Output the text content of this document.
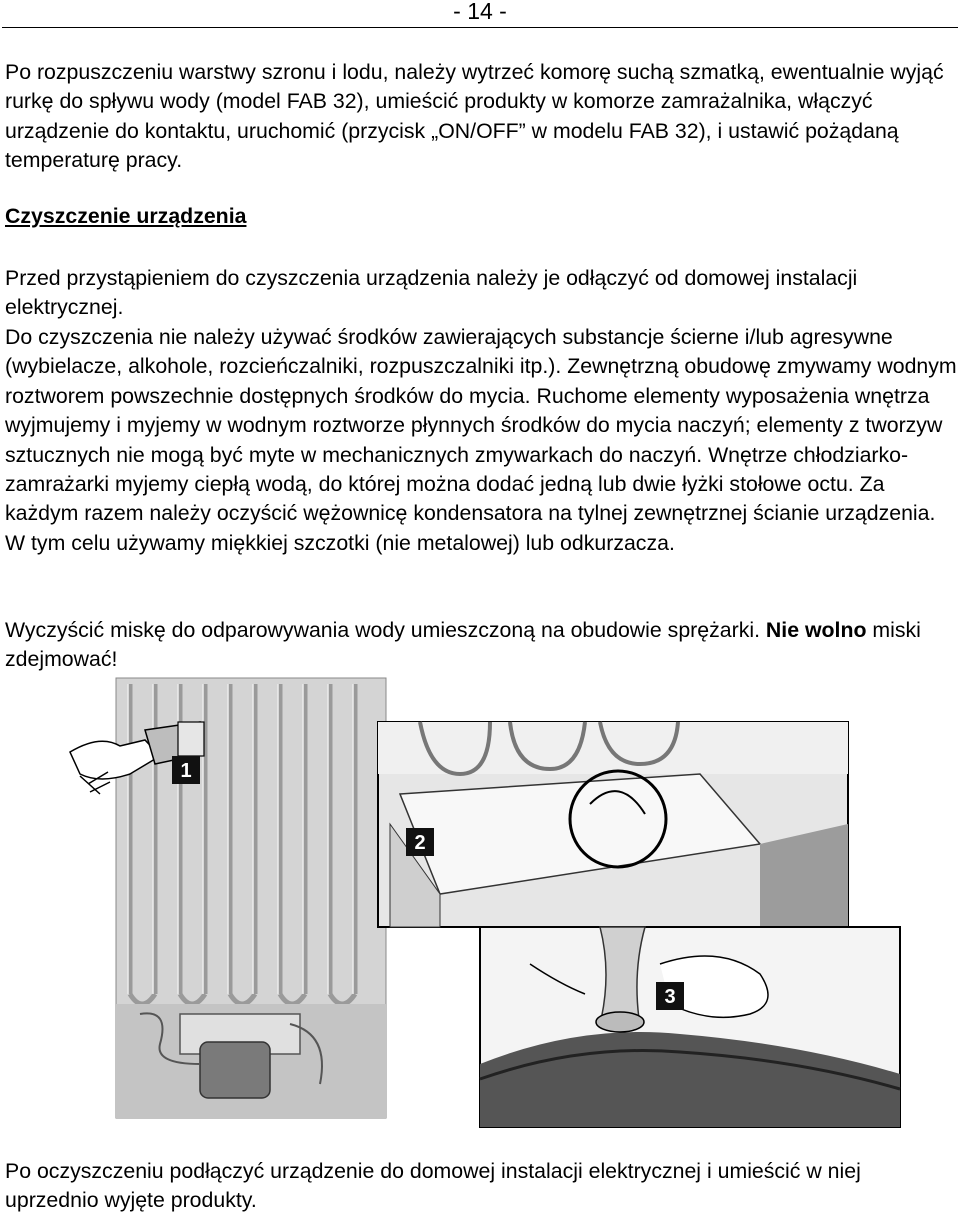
- 14 -

Po rozpuszczeniu warstwy szronu i lodu, należy wytrzeć komorę suchą szmatką, ewentualnie wyjąć rurkę do spływu wody (model FAB 32), umieścić produkty w komorze zamrażalnika, włączyć urządzenie do kontaktu, uruchomić (przycisk „ON/OFF” w modelu FAB 32), i ustawić pożądaną temperaturę pracy.

Czyszczenie urządzenia

Przed przystąpieniem do czyszczenia urządzenia należy je odłączyć od domowej instalacji elektrycznej.

Do czyszczenia nie należy używać środków zawierających substancje ścierne i/lub agresywne (wybielacze, alkohole, rozcieńczalniki, rozpuszczalniki itp.). Zewnętrzną obudowę zmywamy wodnym roztworem powszechnie dostępnych środków do mycia. Ruchome elementy wyposażenia wnętrza wyjmujemy i myjemy w wodnym roztworze płynnych środków do mycia naczyń; elementy z tworzyw sztucznych nie mogą być myte w mechanicznych zmywarkach do naczyń. Wnętrze chłodziarko-zamrażarki myjemy ciepłą wodą, do której można dodać jedną lub dwie łyżki stołowe octu. Za każdym razem należy oczyścić wężownicę kondensatora na tylnej zewnętrznej ścianie urządzenia. W tym celu używamy miękkiej szczotki (nie metalowej) lub odkurzacza.

Wyczyścić miskę do odparowywania wody umieszczoną na obudowie sprężarki. Nie wolno miski zdejmować!

1
2
3

Po oczyszczeniu podłączyć urządzenie do domowej instalacji elektrycznej i umieścić w niej uprzednio wyjęte produkty.
